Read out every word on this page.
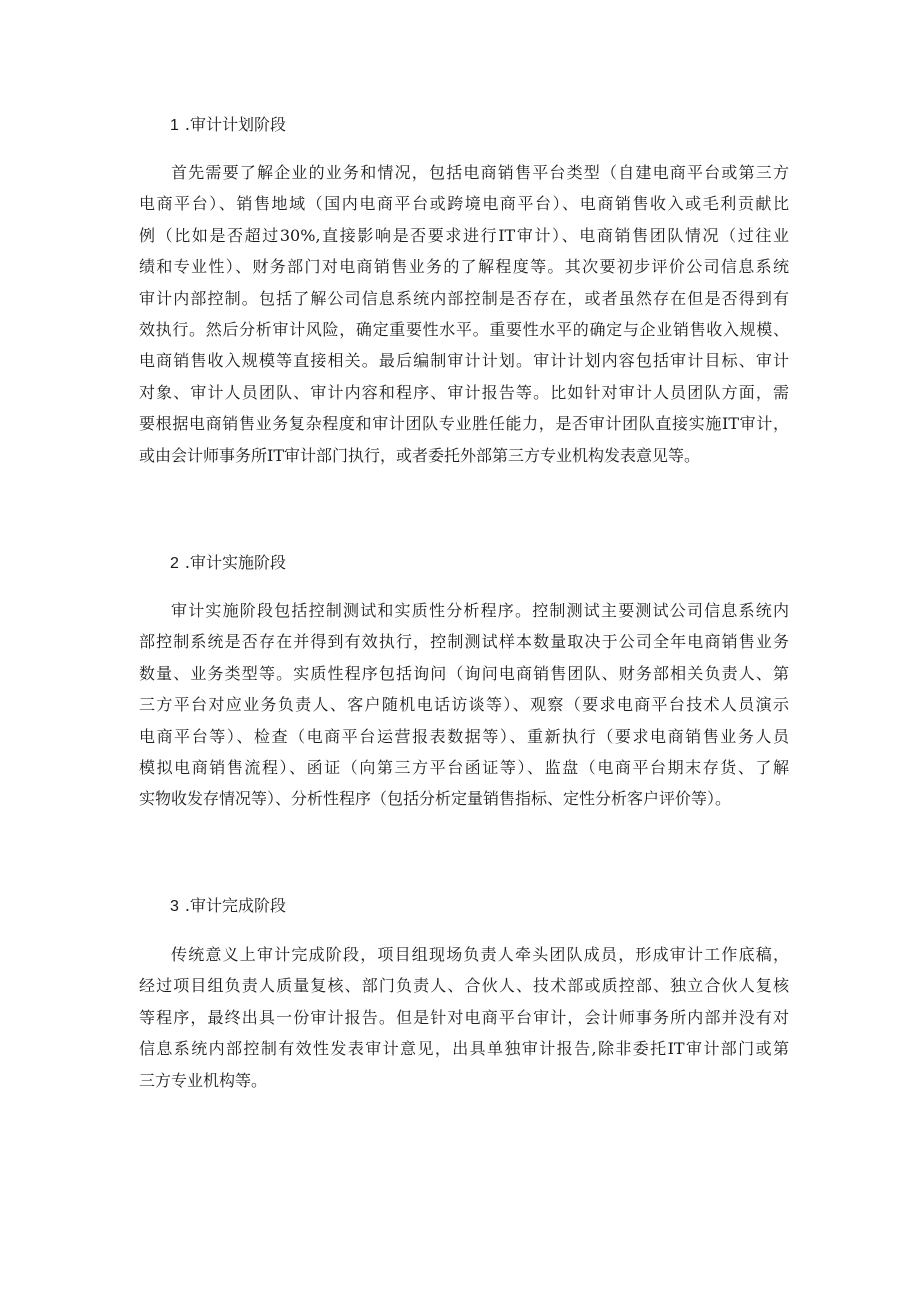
1 .审计计划阶段
首先需要了解企业的业务和情况，包括电商销售平台类型（自建电商平台或第三方
电商平台）、销售地域（国内电商平台或跨境电商平台）、电商销售收入或毛利贡献比
例（比如是否超过30%,直接影响是否要求进行IT审计）、电商销售团队情况（过往业
绩和专业性）、财务部门对电商销售业务的了解程度等。其次要初步评价公司信息系统
审计内部控制。包括了解公司信息系统内部控制是否存在，或者虽然存在但是否得到有
效执行。然后分析审计风险，确定重要性水平。重要性水平的确定与企业销售收入规模、
电商销售收入规模等直接相关。最后编制审计计划。审计计划内容包括审计目标、审计
对象、审计人员团队、审计内容和程序、审计报告等。比如针对审计人员团队方面，需
要根据电商销售业务复杂程度和审计团队专业胜任能力，是否审计团队直接实施IT审计，
或由会计师事务所IT审计部门执行，或者委托外部第三方专业机构发表意见等。
2 .审计实施阶段
审计实施阶段包括控制测试和实质性分析程序。控制测试主要测试公司信息系统内
部控制系统是否存在并得到有效执行，控制测试样本数量取决于公司全年电商销售业务
数量、业务类型等。实质性程序包括询问（询问电商销售团队、财务部相关负责人、第
三方平台对应业务负责人、客户随机电话访谈等）、观察（要求电商平台技术人员演示
电商平台等）、检查（电商平台运营报表数据等）、重新执行（要求电商销售业务人员
模拟电商销售流程）、函证（向第三方平台函证等）、监盘（电商平台期末存货、了解
实物收发存情况等）、分析性程序（包括分析定量销售指标、定性分析客户评价等）。
3 .审计完成阶段
传统意义上审计完成阶段，项目组现场负责人牵头团队成员，形成审计工作底稿，
经过项目组负责人质量复核、部门负责人、合伙人、技术部或质控部、独立合伙人复核
等程序，最终出具一份审计报告。但是针对电商平台审计，会计师事务所内部并没有对
信息系统内部控制有效性发表审计意见，出具单独审计报告,除非委托IT审计部门或第
三方专业机构等。
